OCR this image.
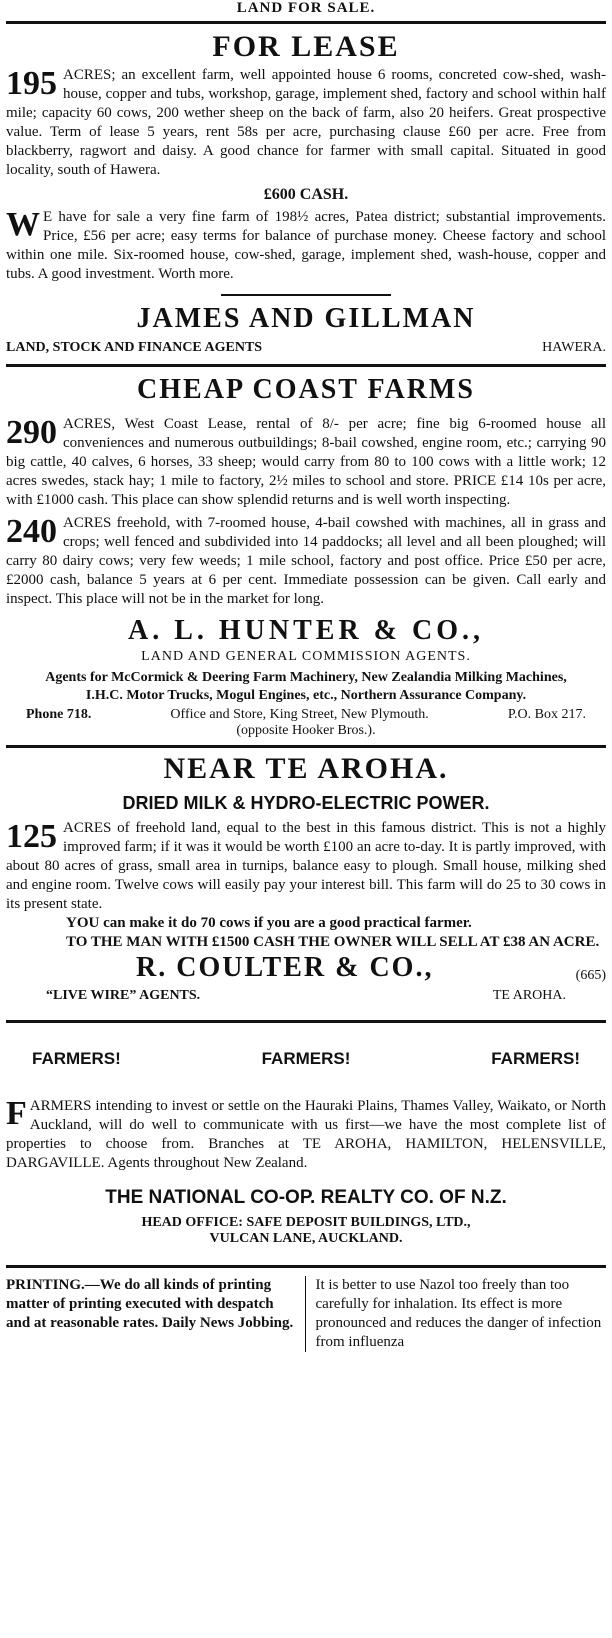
LAND FOR SALE.
FOR LEASE

195 ACRES; an excellent farm, well appointed house 6 rooms, concreted cow-shed, wash-house, copper and tubs, workshop, garage, implement shed, factory and school within half mile; capacity 60 cows, 200 wether sheep on the back of farm, also 20 heifers. Great prospective value. Term of lease 5 years, rent 58s per acre, purchasing clause £60 per acre. Free from blackberry, ragwort and daisy. A good chance for farmer with small capital. Situated in good locality, south of Hawera.

£600 CASH.

W E have for sale a very fine farm of 198½ acres, Patea district; substantial improvements. Price, £56 per acre; easy terms for balance of purchase money. Cheese factory and school within one mile. Six-roomed house, cow-shed, garage, implement shed, wash-house, copper and tubs. A good investment. Worth more.

JAMES AND GILLMAN
LAND, STOCK AND FINANCE AGENTS	HAWERA.
CHEAP COAST FARMS

290 ACRES, West Coast Lease, rental of 8/- per acre; fine big 6-roomed house all conveniences and numerous outbuildings; 8-bail cowshed, engine room, etc.; carrying 90 big cattle, 40 calves, 6 horses, 33 sheep; would carry from 80 to 100 cows with a little work; 12 acres swedes, stack hay; 1 mile to factory, 2½ miles to school and store. PRICE £14 10s per acre, with £1000 cash. This place can show splendid returns and is well worth inspecting.

240 ACRES freehold, with 7-roomed house, 4-bail cowshed with machines, all in grass and crops; well fenced and subdivided into 14 paddocks; all level and all been ploughed; will carry 80 dairy cows; very few weeds; 1 mile school, factory and post office. Price £50 per acre, £2000 cash, balance 5 years at 6 per cent. Immediate possession can be given. Call early and inspect. This place will not be in the market for long.

A. L. HUNTER & CO.,
LAND AND GENERAL COMMISSION AGENTS.

Agents for McCormick & Deering Farm Machinery, New Zealandia Milking Machines, I.H.C. Motor Trucks, Mogul Engines, etc., Northern Assurance Company.

Phone 718.	Office and Store, King Street, New Plymouth.	P.O. Box 217.
(opposite Hooker Bros.).
NEAR TE AROHA.
DRIED MILK & HYDRO-ELECTRIC POWER.

125 ACRES of freehold land, equal to the best in this famous district. This is not a highly improved farm; if it was it would be worth £100 an acre to-day. It is partly improved, with about 80 acres of grass, small area in turnips, balance easy to plough. Small house, milking shed and engine room. Twelve cows will easily pay your interest bill. This farm will do 25 to 30 cows in its present state.

YOU can make it do 70 cows if you are a good practical farmer.

TO THE MAN WITH £1500 CASH THE OWNER WILL SELL AT £38 AN ACRE.

R. COULTER & CO.,	(665)
“LIVE WIRE” AGENTS.	TE AROHA.
FARMERS!	FARMERS!	FARMERS!

F ARMERS intending to invest or settle on the Hauraki Plains, Thames Valley, Waikato, or North Auckland, will do well to communicate with us first—we have the most complete list of properties to choose from. Branches at TE AROHA, HAMILTON, HELENSVILLE, DARGAVILLE. Agents throughout New Zealand.

THE NATIONAL CO-OP. REALTY CO. OF N.Z.
HEAD OFFICE: SAFE DEPOSIT BUILDINGS, LTD.,
VULCAN LANE, AUCKLAND.
PRINTING.—We do all kinds of printing matter of printing executed with despatch and at reasonable rates. Daily News Jobbing.
It is better to use Nazol too freely than too carefully for inhalation. Its effect is more pronounced and reduces the danger of infection from influenza
